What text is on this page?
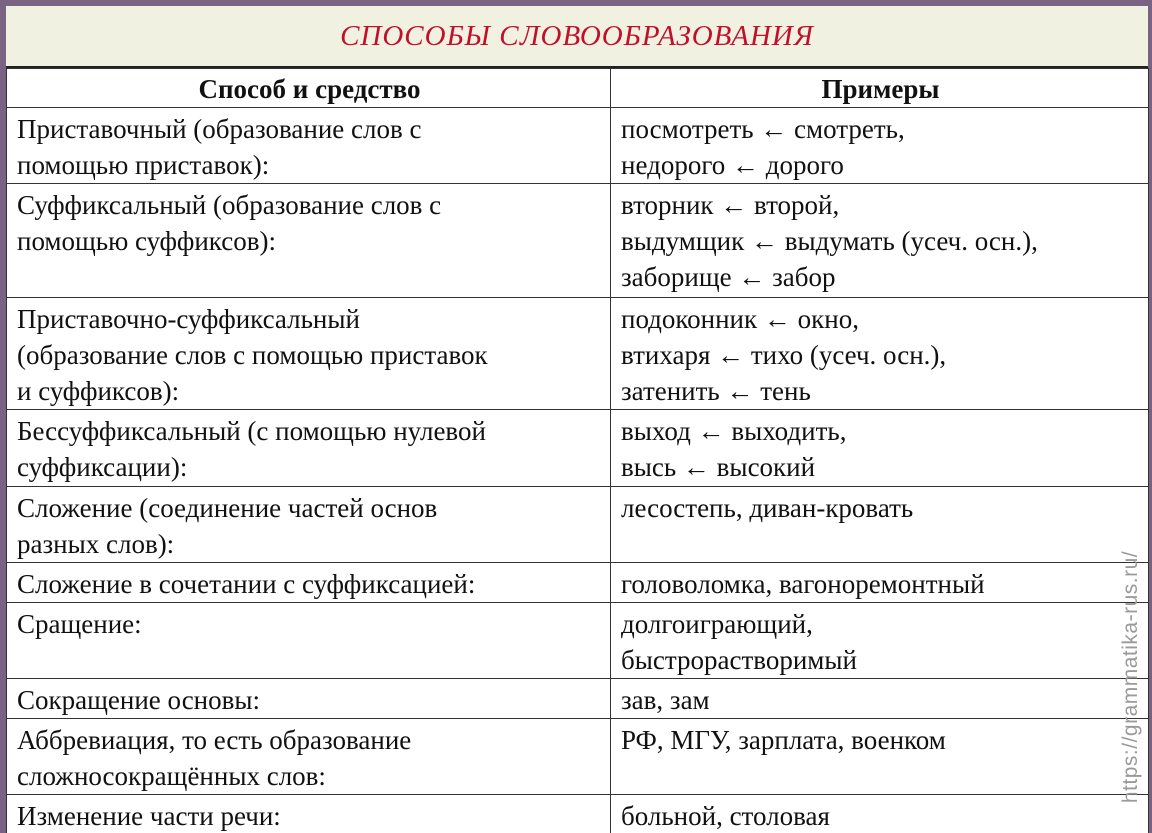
СПОСОБЫ СЛОВООБРАЗОВАНИЯ
Способ и средство	Примеры

Приставочный (образование слов с
помощью приставок):	посмотреть ← смотреть,
недорого ← дорого

Суффиксальный (образование слов с
помощью суффиксов):	вторник ← второй,
выдумщик ← выдумать (усеч. осн.),
заборище ← забор

Приставочно-суффиксальный
(образование слов с помощью приставок
и суффиксов):	подоконник ← окно,
втихаря ← тихо (усеч. осн.),
затенить ← тень

Бессуффиксальный (с помощью нулевой
суффиксации):	выход ← выходить,
высь ← высокий

Сложение (соединение частей основ
разных слов):	лесостепь, диван-кровать

Сложение в сочетании с суффиксацией:	головоломка, вагоноремонтный

Сращение:	долгоиграющий,
быстрорастворимый

Сокращение основы:	зав, зам

Аббревиация, то есть образование
сложносокращённых слов:	РФ, МГУ, зарплата, военком

Изменение части речи:	больной, столовая
https://grammatika-rus.ru/
